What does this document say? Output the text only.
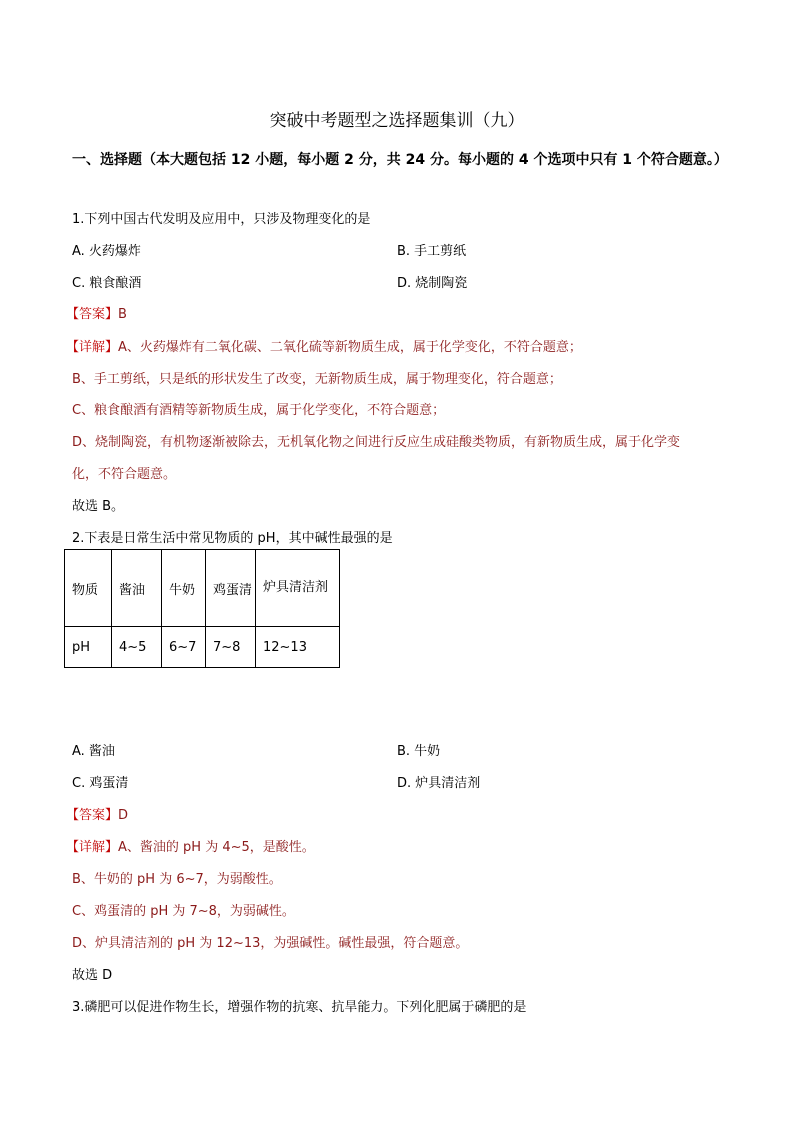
突破中考题型之选择题集训（九）
一、选择题（本大题包括 12 小题，每小题 2 分，共 24 分。每小题的 4 个选项中只有 1 个符合题意。）
1.下列中国古代发明及应用中，只涉及物理变化的是
A. 火药爆炸	B. 手工剪纸
C. 粮食酿酒	D. 烧制陶瓷
【答案】B
【详解】A、火药爆炸有二氧化碳、二氧化硫等新物质生成，属于化学变化，不符合题意；
B、手工剪纸，只是纸的形状发生了改变，无新物质生成，属于物理变化，符合题意；
C、粮食酿酒有酒精等新物质生成，属于化学变化，不符合题意；
D、烧制陶瓷，有机物逐渐被除去，无机氧化物之间进行反应生成硅酸类物质，有新物质生成，属于化学变
化，不符合题意。
故选 B。
2.下表是日常生活中常见物质的 pH，其中碱性最强的是
物质	酱油	牛奶	鸡蛋清	炉具清洁剂
pH	4~5	6~7	7~8	12~13
A. 酱油	B. 牛奶
C. 鸡蛋清	D. 炉具清洁剂
【答案】D
【详解】A、酱油的 pH 为 4~5，是酸性。
B、牛奶的 pH 为 6~7，为弱酸性。
C、鸡蛋清的 pH 为 7~8，为弱碱性。
D、炉具清洁剂的 pH 为 12~13，为强碱性。碱性最强，符合题意。
故选 D
3.磷肥可以促进作物生长，增强作物的抗寒、抗旱能力。下列化肥属于磷肥的是
